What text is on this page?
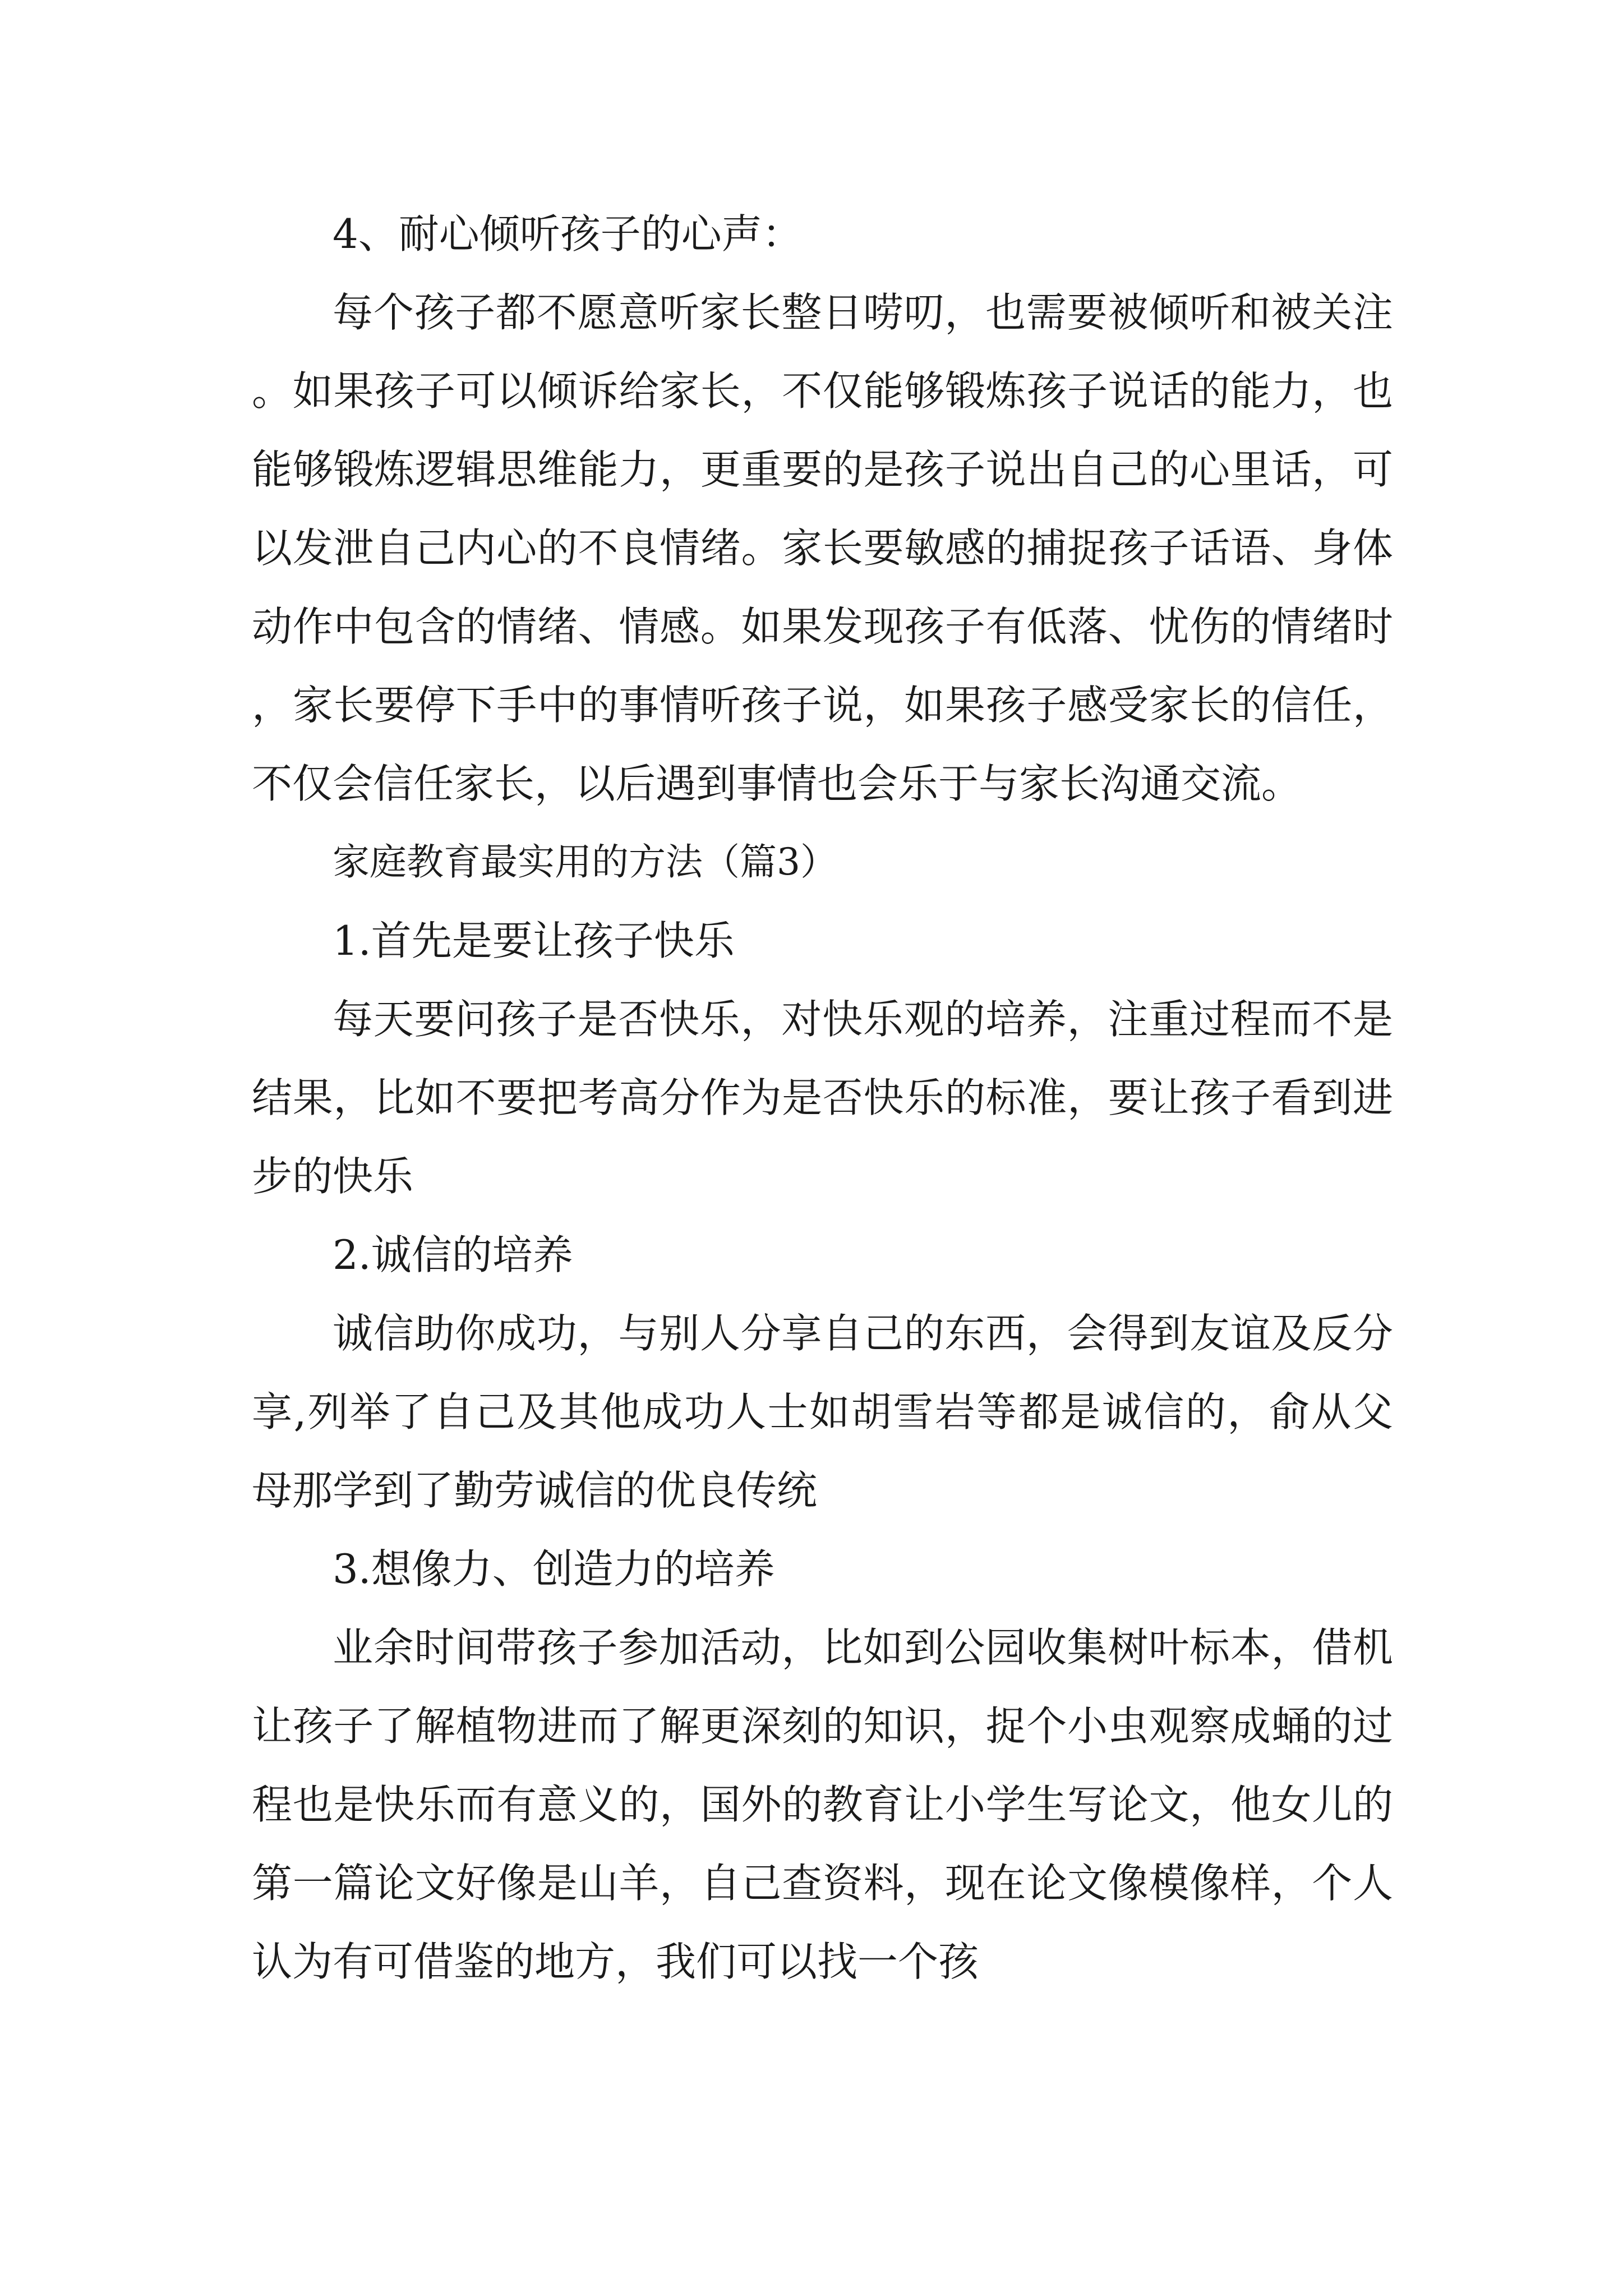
4、耐心倾听孩子的心声：

每个孩子都不愿意听家长整日唠叨，也需要被倾听和被关注。如果孩子可以倾诉给家长，不仅能够锻炼孩子说话的能力，也能够锻炼逻辑思维能力，更重要的是孩子说出自己的心里话，可以发泄自己内心的不良情绪。家长要敏感的捕捉孩子话语、身体动作中包含的情绪、情感。如果发现孩子有低落、忧伤的情绪时，家长要停下手中的事情听孩子说，如果孩子感受家长的信任，不仅会信任家长，以后遇到事情也会乐于与家长沟通交流。

家庭教育最实用的方法（篇3）

1.首先是要让孩子快乐

每天要问孩子是否快乐，对快乐观的培养，注重过程而不是结果，比如不要把考高分作为是否快乐的标准，要让孩子看到进步的快乐

2.诚信的培养

诚信助你成功，与别人分享自己的东西，会得到友谊及反分享,列举了自己及其他成功人士如胡雪岩等都是诚信的，俞从父母那学到了勤劳诚信的优良传统

3.想像力、创造力的培养

业余时间带孩子参加活动，比如到公园收集树叶标本，借机让孩子了解植物进而了解更深刻的知识，捉个小虫观察成蛹的过程也是快乐而有意义的，国外的教育让小学生写论文，他女儿的第一篇论文好像是山羊，自己查资料，现在论文像模像样，个人认为有可借鉴的地方，我们可以找一个孩
